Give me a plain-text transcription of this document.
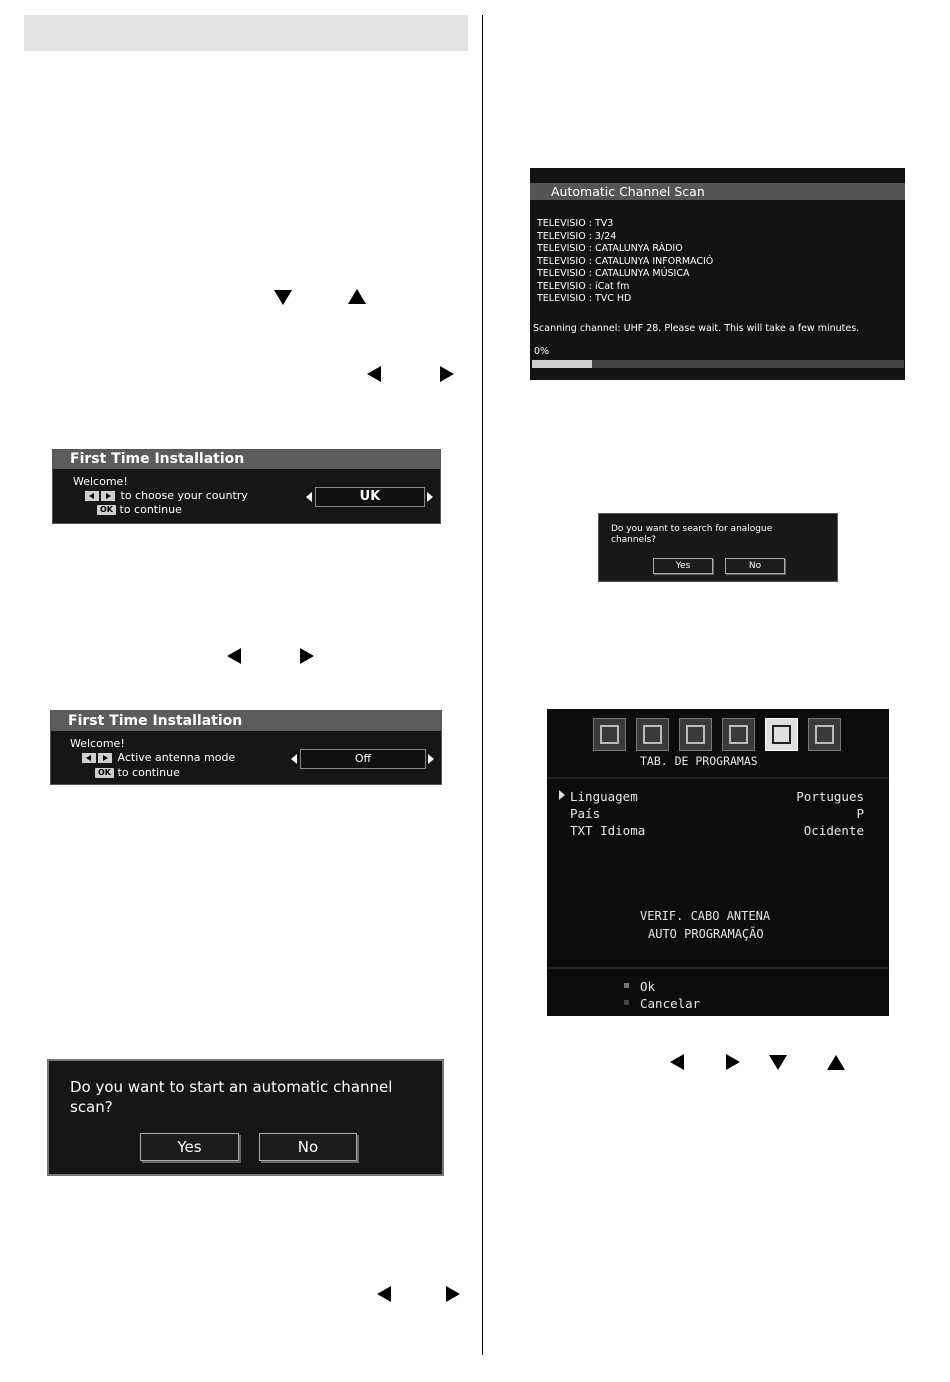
First Time Installation
Welcome!
to choose your country
OK to continue
UK
First Time Installation
Welcome!
Active antenna mode
OK to continue
Off
Do you want to start an automatic channel
scan?
Yes	No
Automatic Channel Scan
TELEVISIO : TV3
TELEVISIO : 3/24
TELEVISIO : CATALUNYA RÀDIO
TELEVISIO : CATALUNYA INFORMACIÓ
TELEVISIO : CATALUNYA MÚSICA
TELEVISIO : iCat fm
TELEVISIO : TVC HD
Scanning channel: UHF 28. Please wait. This will take a few minutes.
0%
Do you want to search for analogue
channels?
Yes	No
TAB. DE PROGRAMAS
Linguagem	Portugues
País	P
TXT Idioma	Ocidente
VERIF. CABO ANTENA
AUTO PROGRAMAÇÃO
Ok
Cancelar
